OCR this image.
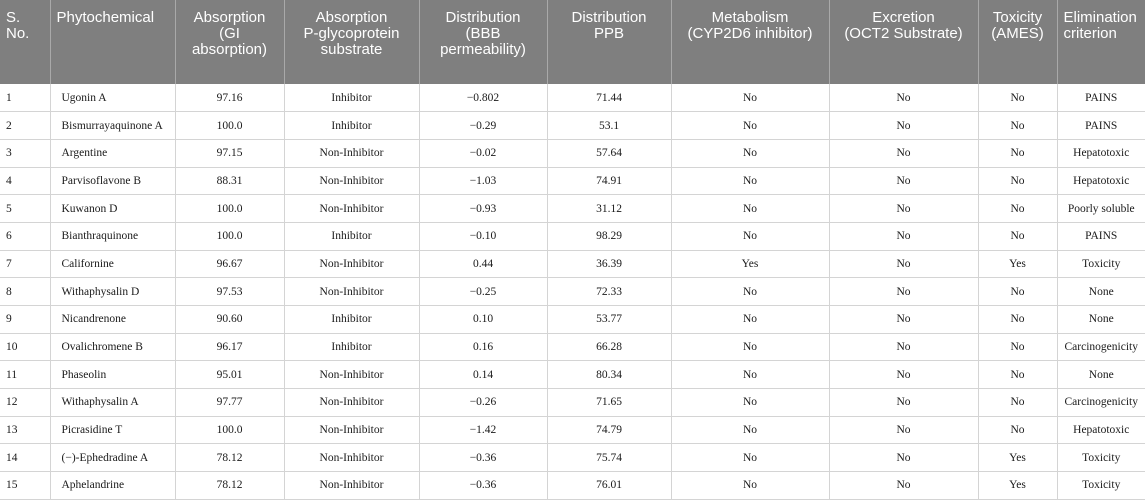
S.
No.	Phytochemical	Absorption
(GI
absorption)	Absorption
P-glycoprotein
substrate	Distribution
(BBB
permeability)	Distribution
PPB	Metabolism
(CYP2D6 inhibitor)	Excretion
(OCT2 Substrate)	Toxicity
(AMES)	Elimination
criterion
1	Ugonin A	97.16	Inhibitor	−0.802	71.44	No	No	No	PAINS
2	Bismurrayaquinone A	100.0	Inhibitor	−0.29	53.1	No	No	No	PAINS
3	Argentine	97.15	Non-Inhibitor	−0.02	57.64	No	No	No	Hepatotoxic
4	Parvisoflavone B	88.31	Non-Inhibitor	−1.03	74.91	No	No	No	Hepatotoxic
5	Kuwanon D	100.0	Non-Inhibitor	−0.93	31.12	No	No	No	Poorly soluble
6	Bianthraquinone	100.0	Inhibitor	−0.10	98.29	No	No	No	PAINS
7	Californine	96.67	Non-Inhibitor	0.44	36.39	Yes	No	Yes	Toxicity
8	Withaphysalin D	97.53	Non-Inhibitor	−0.25	72.33	No	No	No	None
9	Nicandrenone	90.60	Inhibitor	0.10	53.77	No	No	No	None
10	Ovalichromene B	96.17	Inhibitor	0.16	66.28	No	No	No	Carcinogenicity
11	Phaseolin	95.01	Non-Inhibitor	0.14	80.34	No	No	No	None
12	Withaphysalin A	97.77	Non-Inhibitor	−0.26	71.65	No	No	No	Carcinogenicity
13	Picrasidine T	100.0	Non-Inhibitor	−1.42	74.79	No	No	No	Hepatotoxic
14	(−)-Ephedradine A	78.12	Non-Inhibitor	−0.36	75.74	No	No	Yes	Toxicity
15	Aphelandrine	78.12	Non-Inhibitor	−0.36	76.01	No	No	Yes	Toxicity
